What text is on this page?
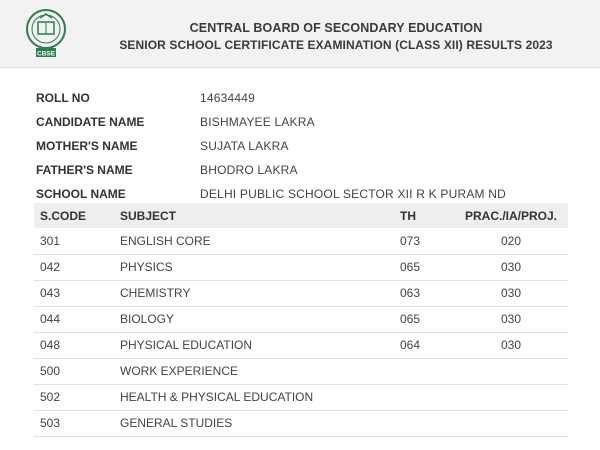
CBSE
CENTRAL BOARD OF SECONDARY EDUCATION
SENIOR SCHOOL CERTIFICATE EXAMINATION (CLASS XII) RESULTS 2023
ROLL NO	14634449
CANDIDATE NAME	BISHMAYEE LAKRA
MOTHER'S NAME	SUJATA LAKRA
FATHER'S NAME	BHODRO LAKRA
SCHOOL NAME	DELHI PUBLIC SCHOOL SECTOR XII R K PURAM ND
S.CODE	SUBJECT	TH	PRAC./IA/PROJ.
301	ENGLISH CORE	073	020
042	PHYSICS	065	030
043	CHEMISTRY	063	030
044	BIOLOGY	065	030
048	PHYSICAL EDUCATION	064	030
500	WORK EXPERIENCE		
502	HEALTH & PHYSICAL EDUCATION		
503	GENERAL STUDIES		
